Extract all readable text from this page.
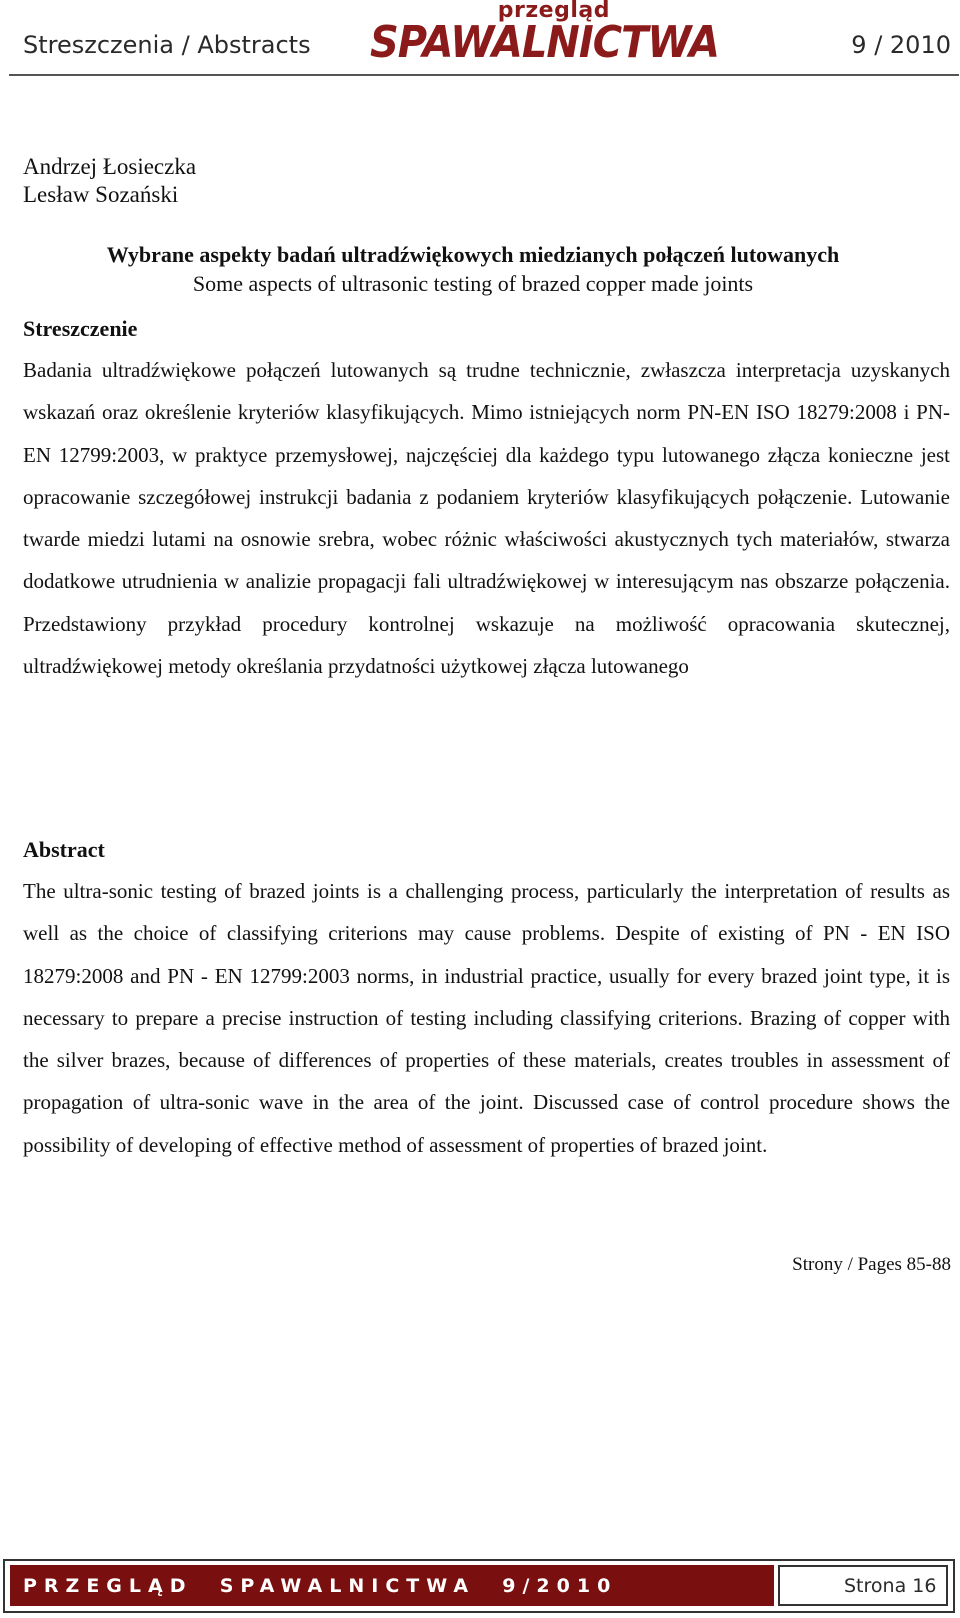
Streszczenia / Abstracts
przegląd
SPAWALNICTWA	9 / 2010
Andrzej Łosieczka
Lesław Sozański
Wybrane aspekty badań ultradźwiękowych miedzianych połączeń lutowanych
Some aspects of ultrasonic testing of brazed copper made joints
Streszczenie
Badania ultradźwiękowe połączeń lutowanych są trudne technicznie, zwłaszcza interpretacja uzyskanych wskazań oraz określenie kryteriów klasyfikujących. Mimo istniejących norm PN-EN ISO 18279:2008 i PN-EN 12799:2003, w praktyce przemysłowej, najczęściej dla każdego typu lutowanego złącza konieczne jest opracowanie szczegółowej instrukcji badania z podaniem kryteriów klasyfikujących połączenie. Lutowanie twarde miedzi lutami na osnowie srebra, wobec różnic właściwości akustycznych tych materiałów, stwarza dodatkowe utrudnienia w analizie propagacji fali ultradźwiękowej w interesującym nas obszarze połączenia. Przedstawiony przykład procedury kontrolnej wskazuje na możliwość opracowania skutecznej, ultradźwiękowej metody określania przydatności użytkowej złącza lutowanego
Abstract
The ultra-sonic testing of brazed joints is a challenging process, particularly the interpretation of results as well as the choice of classifying criterions may cause problems. Despite of existing of PN - EN ISO 18279:2008 and PN - EN 12799:2003 norms, in industrial practice, usually for every brazed joint type, it is necessary to prepare a precise instruction of testing including classifying criterions. Brazing of copper with the silver brazes, because of differences of properties of these materials, creates troubles in assessment of propagation of ultra-sonic wave in the area of the joint. Discussed case of control procedure shows the possibility of developing of effective method of assessment of properties of brazed joint.
Strony / Pages 85-88
PRZEGLĄD  SPAWALNICTWA  9/2010	Strona 16
